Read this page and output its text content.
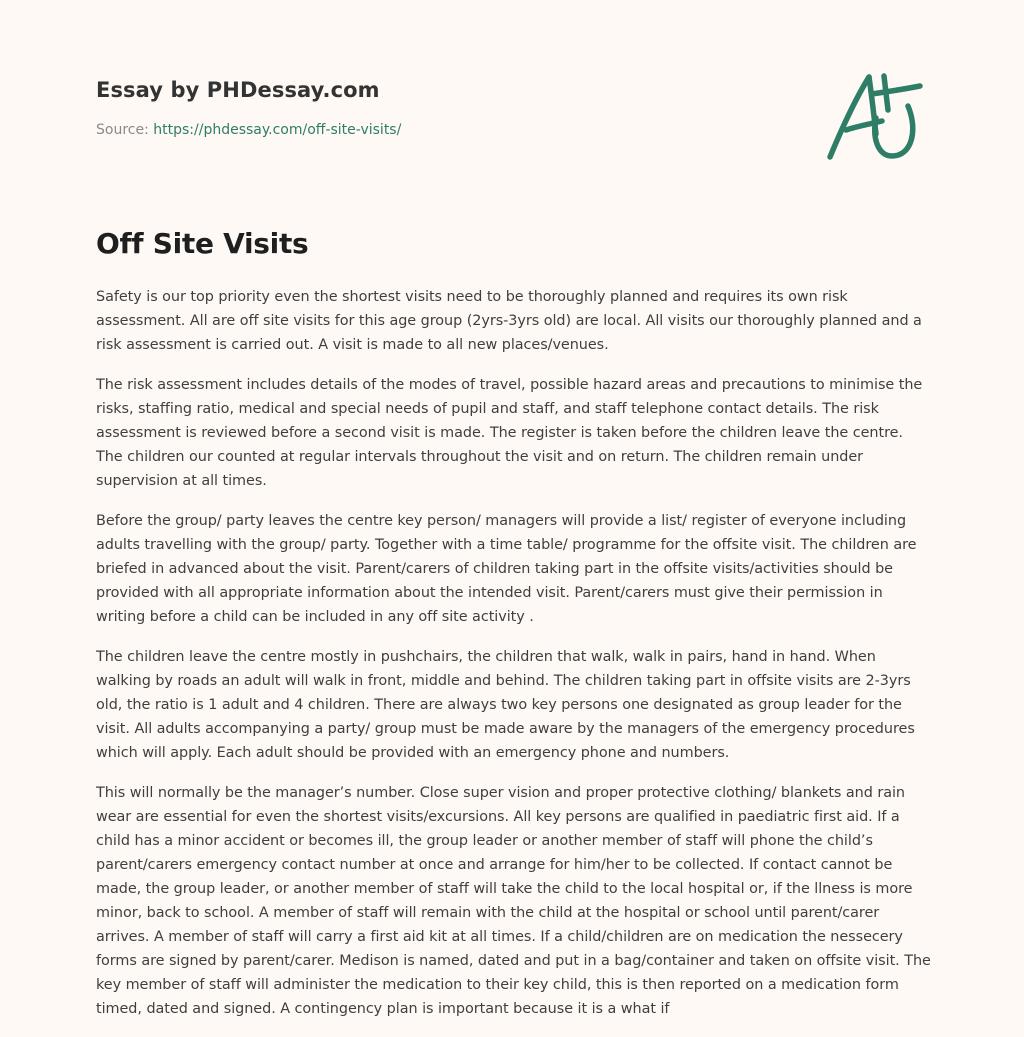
Essay by PHDessay.com
Source: https://phdessay.com/off-site-visits/
Off Site Visits

Safety is our top priority even the shortest visits need to be thoroughly planned and requires its own risk assessment. All are off site visits for this age group (2yrs-3yrs old) are local. All visits our thoroughly planned and a risk assessment is carried out. A visit is made to all new places/venues.

The risk assessment includes details of the modes of travel, possible hazard areas and precautions to minimise the risks, staffing ratio, medical and special needs of pupil and staff, and staff telephone contact details. The risk assessment is reviewed before a second visit is made. The register is taken before the children leave the centre. The children our counted at regular intervals throughout the visit and on return. The children remain under supervision at all times.

Before the group/ party leaves the centre key person/ managers will provide a list/ register of everyone including adults travelling with the group/ party. Together with a time table/ programme for the offsite visit. The children are briefed in advanced about the visit. Parent/carers of children taking part in the offsite visits/activities should be provided with all appropriate information about the intended visit. Parent/carers must give their permission in writing before a child can be included in any off site activity .

The children leave the centre mostly in pushchairs, the children that walk, walk in pairs, hand in hand. When walking by roads an adult will walk in front, middle and behind. The children taking part in offsite visits are 2-3yrs old, the ratio is 1 adult and 4 children. There are always two key persons one designated as group leader for the visit. All adults accompanying a party/ group must be made aware by the managers of the emergency procedures which will apply. Each adult should be provided with an emergency phone and numbers.

This will normally be the manager’s number. Close super vision and proper protective clothing/ blankets and rain wear are essential for even the shortest visits/excursions. All key persons are qualified in paediatric first aid. If a child has a minor accident or becomes ill, the group leader or another member of staff will phone the child’s parent/carers emergency contact number at once and arrange for him/her to be collected. If contact cannot be made, the group leader, or another member of staff will take the child to the local hospital or, if the llness is more minor, back to school. A member of staff will remain with the child at the hospital or school until parent/carer arrives. A member of staff will carry a first aid kit at all times. If a child/children are on medication the nessecery forms are signed by parent/carer. Medison is named, dated and put in a bag/container and taken on offsite visit. The key member of staff will administer the medication to their key child, this is then reported on a medication form timed, dated and signed. A contingency plan is important because it is a what if
